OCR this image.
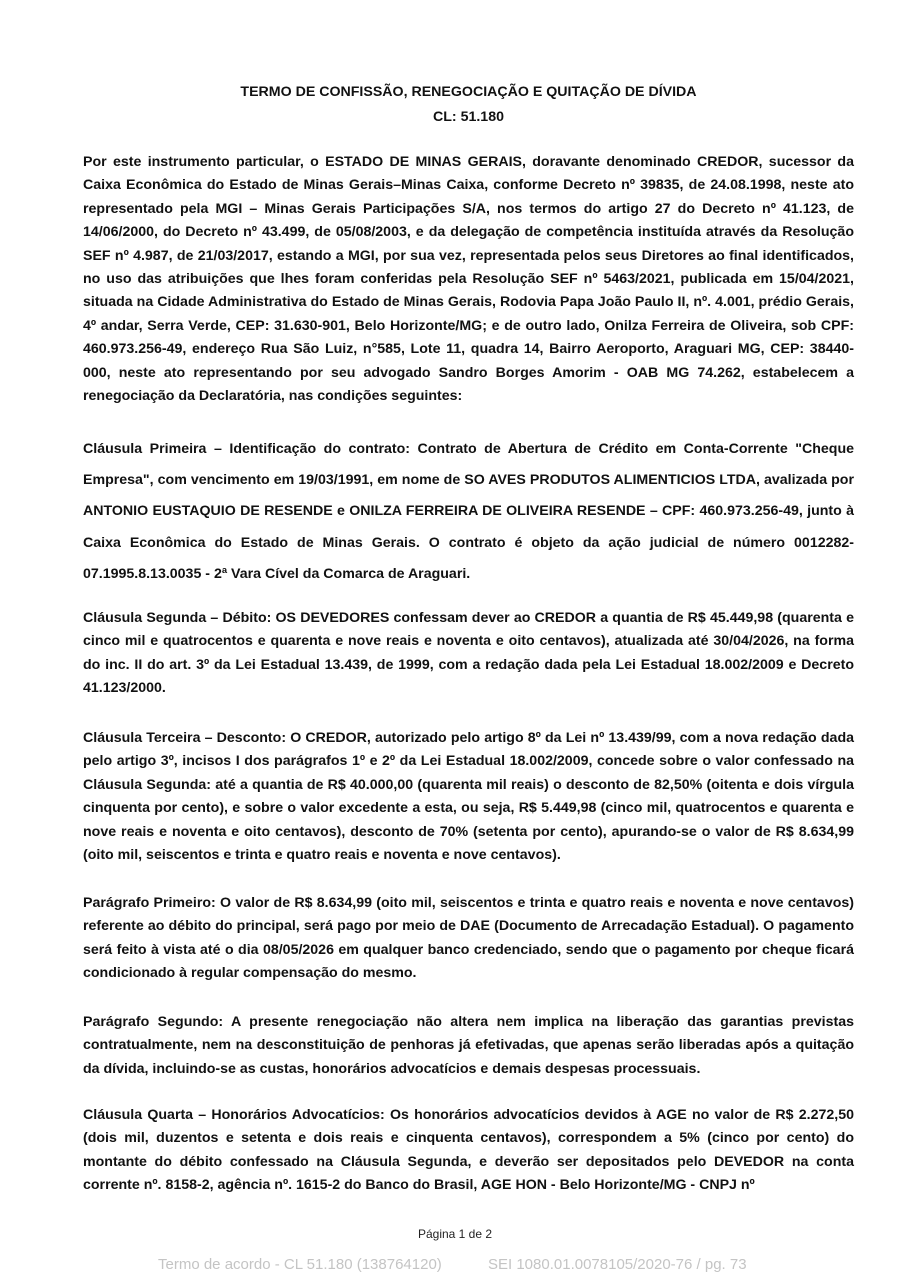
TERMO DE CONFISSÃO, RENEGOCIAÇÃO E QUITAÇÃO DE DÍVIDA
CL: 51.180

Por este instrumento particular, o ESTADO DE MINAS GERAIS, doravante denominado CREDOR, sucessor da Caixa Econômica do Estado de Minas Gerais–Minas Caixa, conforme Decreto nº 39835, de 24.08.1998, neste ato representado pela MGI – Minas Gerais Participações S/A, nos termos do artigo 27 do Decreto nº 41.123, de 14/06/2000, do Decreto nº 43.499, de 05/08/2003, e da delegação de competência instituída através da Resolução SEF nº 4.987, de 21/03/2017, estando a MGI, por sua vez, representada pelos seus Diretores ao final identificados, no uso das atribuições que lhes foram conferidas pela Resolução SEF nº 5463/2021, publicada em 15/04/2021, situada na Cidade Administrativa do Estado de Minas Gerais, Rodovia Papa João Paulo II, nº. 4.001, prédio Gerais, 4º andar, Serra Verde, CEP: 31.630-901, Belo Horizonte/MG; e de outro lado, Onilza Ferreira de Oliveira, sob CPF: 460.973.256-49, endereço Rua São Luiz, n°585, Lote 11, quadra 14, Bairro Aeroporto, Araguari MG, CEP: 38440-000, neste ato representando por seu advogado Sandro Borges Amorim - OAB MG 74.262, estabelecem a renegociação da Declaratória, nas condições seguintes:

Cláusula Primeira – Identificação do contrato: Contrato de Abertura de Crédito em Conta-Corrente "Cheque Empresa", com vencimento em 19/03/1991, em nome de SO AVES PRODUTOS ALIMENTICIOS LTDA, avalizada por ANTONIO EUSTAQUIO DE RESENDE e ONILZA FERREIRA DE OLIVEIRA RESENDE – CPF: 460.973.256-49, junto à Caixa Econômica do Estado de Minas Gerais. O contrato é objeto da ação judicial de número 0012282-07.1995.8.13.0035 - 2ª Vara Cível da Comarca de Araguari.

Cláusula Segunda – Débito: OS DEVEDORES confessam dever ao CREDOR a quantia de R$ 45.449,98 (quarenta e cinco mil e quatrocentos e quarenta e nove reais e noventa e oito centavos), atualizada até 30/04/2026, na forma do inc. II do art. 3º da Lei Estadual 13.439, de 1999, com a redação dada pela Lei Estadual 18.002/2009 e Decreto 41.123/2000.

Cláusula Terceira – Desconto: O CREDOR, autorizado pelo artigo 8º da Lei nº 13.439/99, com a nova redação dada pelo artigo 3º, incisos I dos parágrafos 1º e 2º da Lei Estadual 18.002/2009, concede sobre o valor confessado na Cláusula Segunda: até a quantia de R$ 40.000,00 (quarenta mil reais) o desconto de 82,50% (oitenta e dois vírgula cinquenta por cento), e sobre o valor excedente a esta, ou seja, R$ 5.449,98 (cinco mil, quatrocentos e quarenta e nove reais e noventa e oito centavos), desconto de 70% (setenta por cento), apurando-se o valor de R$ 8.634,99 (oito mil, seiscentos e trinta e quatro reais e noventa e nove centavos).

Parágrafo Primeiro: O valor de R$ 8.634,99 (oito mil, seiscentos e trinta e quatro reais e noventa e nove centavos) referente ao débito do principal, será pago por meio de DAE (Documento de Arrecadação Estadual). O pagamento será feito à vista até o dia 08/05/2026 em qualquer banco credenciado, sendo que o pagamento por cheque ficará condicionado à regular compensação do mesmo.

Parágrafo Segundo: A presente renegociação não altera nem implica na liberação das garantias previstas contratualmente, nem na desconstituição de penhoras já efetivadas, que apenas serão liberadas após a quitação da dívida, incluindo-se as custas, honorários advocatícios e demais despesas processuais.

Cláusula Quarta – Honorários Advocatícios: Os honorários advocatícios devidos à AGE no valor de R$ 2.272,50 (dois mil, duzentos e setenta e dois reais e cinquenta centavos), correspondem a 5% (cinco por cento) do montante do débito confessado na Cláusula Segunda, e deverão ser depositados pelo DEVEDOR na conta corrente nº. 8158-2, agência nº. 1615-2 do Banco do Brasil, AGE HON - Belo Horizonte/MG - CNPJ nº

Página 1 de 2
Termo de acordo - CL 51.180 (138764120)	SEI 1080.01.0078105/2020-76 / pg. 73
